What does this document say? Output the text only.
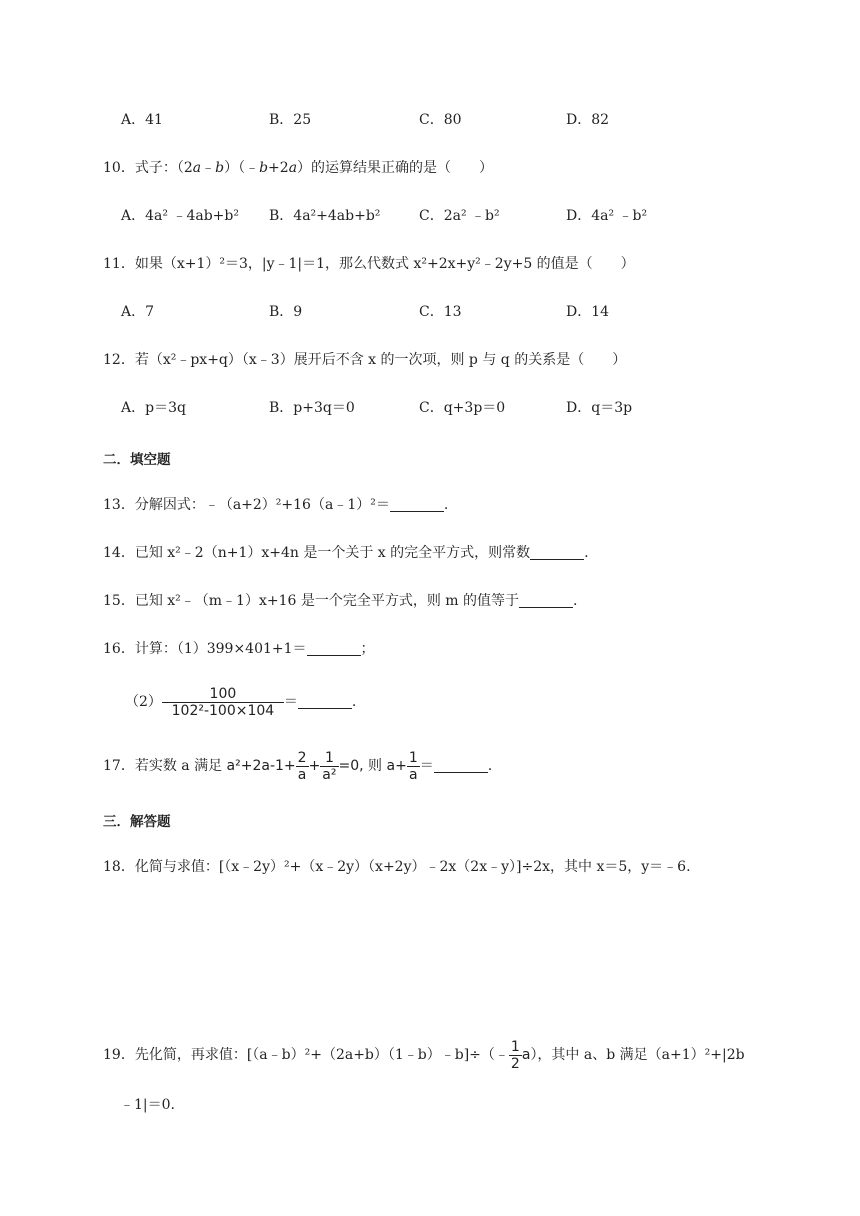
A．41	B．25	C．80	D．82
10．式子：（2a﹣b）（﹣b+2a）的运算结果正确的是（　　）
A．4a² ﹣4ab+b² B．4a²+4ab+b²	C．2a² ﹣b²	D．4a² ﹣b²
11．如果（x+1）²＝3，|y﹣1|＝1，那么代数式 x²+2x+y²﹣2y+5 的值是（　　）
A．7	B．9	C．13	D．14
12．若（x²﹣px+q）（x﹣3）展开后不含 x 的一次项，则 p 与 q 的关系是（　　）
A．p＝3q	B．p+3q＝0	C．q+3p＝0	D．q＝3p
二．填空题
13．分解因式：﹣（a+2）²+16（a﹣1）²＝	.
14．已知 x²﹣2（n+1）x+4n 是一个关于 x 的完全平方式，则常数	.
15．已知 x²﹣（m﹣1）x+16 是一个完全平方式，则 m 的值等于	.
16．计算：（1）399×401+1＝	；
$(2) \frac{100}{\text{102²-100×104}}$ ＝	.
17．若实数 a 满足 $a^2+2a-1+ \frac{2}{a} + \frac{1}{\text{a²}} =0$, 则 $a+ \frac{1}{a}$ ＝	.
三．解答题
18．化简与求值：[（x﹣2y）²+（x﹣2y）（x+2y）﹣2x（2x﹣y）]÷2x，其中 x＝5，y＝﹣6.
19．先化简，再求值：[（a﹣b）²+（2a+b）（1﹣b）﹣b]÷（﹣ $\frac{1}{2} a$），其中 a、b 满足（a+1）²+|2b
﹣1|＝0.
